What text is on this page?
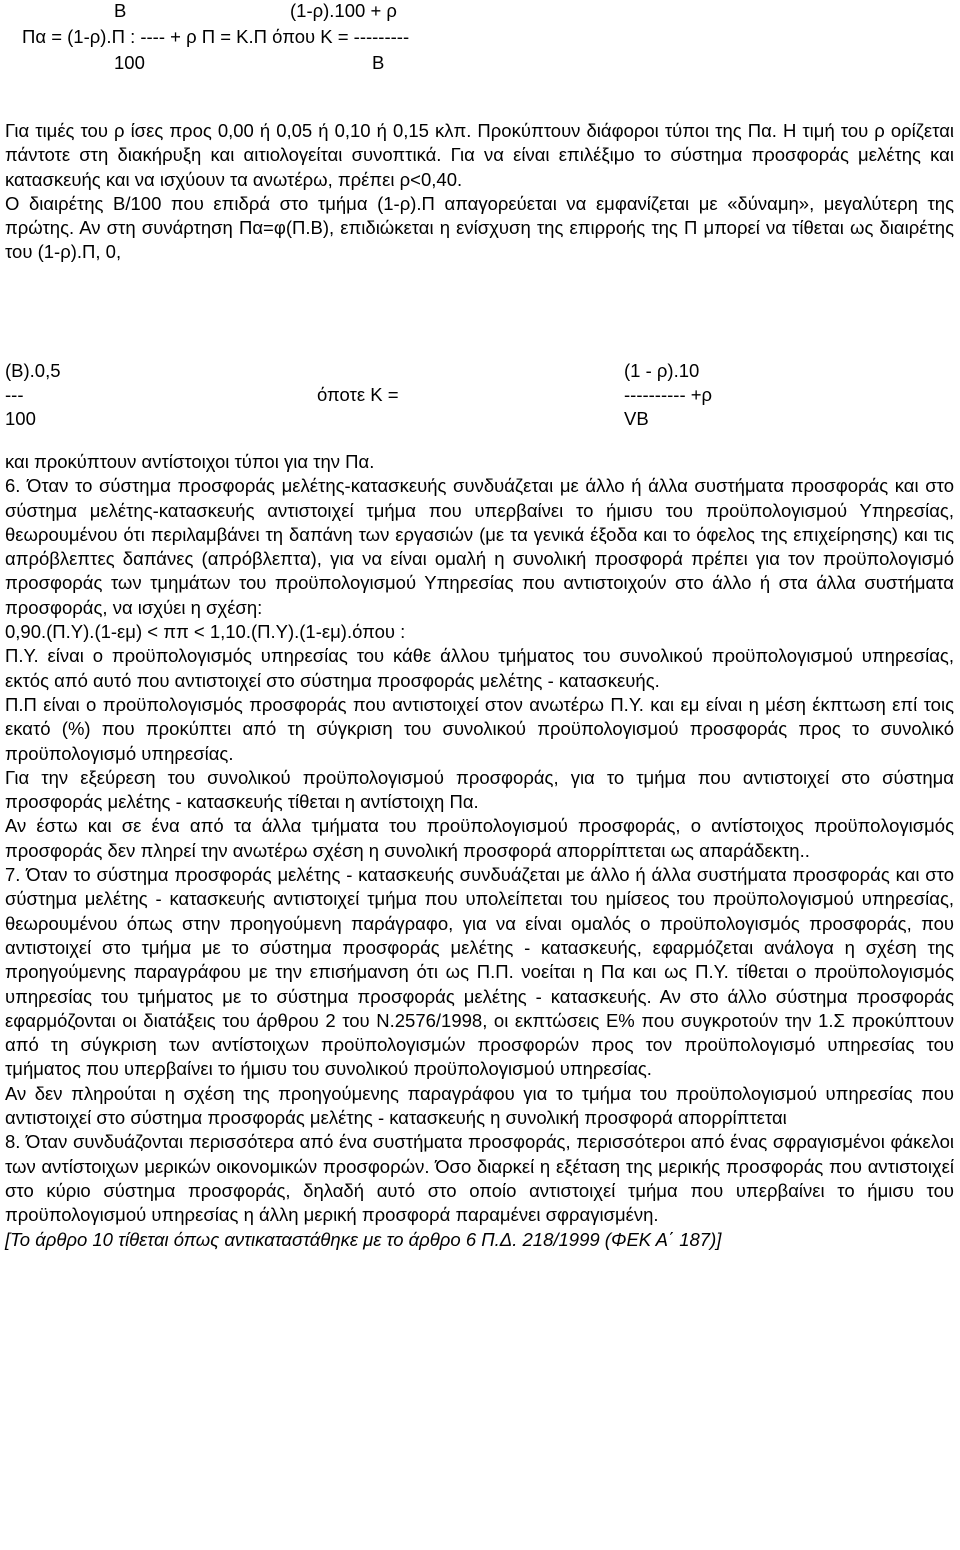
Β	(1-ρ).100 + ρ
Πα = (1-ρ).Π : ---- + ρ Π = Κ.Π όπου Κ = ---------
100	Β

Για τιμές του ρ ίσες προς 0,00 ή 0,05 ή 0,10 ή 0,15 κλπ. Προκύπτουν διάφοροι τύποι της Πα. Η τιμή του ρ ορίζεται πάντοτε στη διακήρυξη και αιτιολογείται συνοπτικά. Για να είναι επιλέξιμο το σύστημα προσφοράς μελέτης και κατασκευής και να ισχύουν τα ανωτέρω, πρέπει ρ<0,40.

Ο διαιρέτης Β/100 που επιδρά στο τμήμα (1-ρ).Π απαγορεύεται να εμφανίζεται με «δύναμη», μεγαλύτερη της πρώτης. Αν στη συνάρτηση Πα=φ(Π.Β), επιδιώκεται η ενίσχυση της επιρροής της Π μπορεί να τίθεται ως διαιρέτης του (1-ρ).Π, 0,

(Β).0,5	(1 - ρ).10
---	όποτε Κ =	---------- +ρ
100	VΒ

και προκύπτουν αντίστοιχοι τύποι για την Πα.

6. Όταν το σύστημα προσφοράς μελέτης-κατασκευής συνδυάζεται με άλλο ή άλλα συστήματα προσφοράς και στο σύστημα μελέτης-κατασκευής αντιστοιχεί τμήμα που υπερβαίνει το ήμισυ του προϋπολογισμού Υπηρεσίας, θεωρουμένου ότι περιλαμβάνει τη δαπάνη των εργασιών (με τα γενικά έξοδα και το όφελος της επιχείρησης) και τις απρόβλεπτες δαπάνες (απρόβλεπτα), για να είναι ομαλή η συνολική προσφορά πρέπει για τον προϋπολογισμό προσφοράς των τμημάτων του προϋπολογισμού Υπηρεσίας που αντιστοιχούν στο άλλο ή στα άλλα συστήματα προσφοράς, να ισχύει η σχέση:

0,90.(Π.Υ).(1-εμ) < ππ < 1,10.(Π.Υ).(1-εμ).όπου :

Π.Υ. είναι ο προϋπολογισμός υπηρεσίας του κάθε άλλου τμήματος του συνολικού προϋπολογισμού υπηρεσίας, εκτός από αυτό που αντιστοιχεί στο σύστημα προσφοράς μελέτης - κατασκευής.

Π.Π είναι ο προϋπολογισμός προσφοράς που αντιστοιχεί στον ανωτέρω Π.Υ. και εμ είναι η μέση έκπτωση επί τοις εκατό (%) που προκύπτει από τη σύγκριση του συνολικού προϋπολογισμού προσφοράς προς το συνολικό προϋπολογισμό υπηρεσίας.

Για την εξεύρεση του συνολικού προϋπολογισμού προσφοράς, για το τμήμα που αντιστοιχεί στο σύστημα προσφοράς μελέτης - κατασκευής τίθεται η αντίστοιχη Πα.

Αν έστω και σε ένα από τα άλλα τμήματα του προϋπολογισμού προσφοράς, ο αντίστοιχος προϋπολογισμός προσφοράς δεν πληρεί την ανωτέρω σχέση η συνολική προσφορά απορρίπτεται ως απαράδεκτη..

7. Όταν το σύστημα προσφοράς μελέτης - κατασκευής συνδυάζεται με άλλο ή άλλα συστήματα προσφοράς και στο σύστημα μελέτης - κατασκευής αντιστοιχεί τμήμα που υπολείπεται του ημίσεος του προϋπολογισμού υπηρεσίας, θεωρουμένου όπως στην προηγούμενη παράγραφο, για να είναι ομαλός ο προϋπολογισμός προσφοράς, που αντιστοιχεί στο τμήμα με το σύστημα προσφοράς μελέτης - κατασκευής, εφαρμόζεται ανάλογα η σχέση της προηγούμενης παραγράφου με την επισήμανση ότι ως Π.Π. νοείται η Πα και ως Π.Υ. τίθεται ο προϋπολογισμός υπηρεσίας του τμήματος με το σύστημα προσφοράς μελέτης - κατασκευής. Αν στο άλλο σύστημα προσφοράς εφαρμόζονται οι διατάξεις του άρθρου 2 του Ν.2576/1998, οι εκπτώσεις Ε% που συγκροτούν την 1.Σ προκύπτουν από τη σύγκριση των αντίστοιχων προϋπολογισμών προσφορών προς τον προϋπολογισμό υπηρεσίας του τμήματος που υπερβαίνει το ήμισυ του συνολικού προϋπολογισμού υπηρεσίας.

Αν δεν πληρούται η σχέση της προηγούμενης παραγράφου για το τμήμα του προϋπολογισμού υπηρεσίας που αντιστοιχεί στο σύστημα προσφοράς μελέτης - κατασκευής η συνολική προσφορά απορρίπτεται

8. Όταν συνδυάζονται περισσότερα από ένα συστήματα προσφοράς, περισσότεροι από ένας σφραγισμένοι φάκελοι των αντίστοιχων μερικών οικονομικών προσφορών. Όσο διαρκεί η εξέταση της μερικής προσφοράς που αντιστοιχεί στο κύριο σύστημα προσφοράς, δηλαδή αυτό στο οποίο αντιστοιχεί τμήμα που υπερβαίνει το ήμισυ του προϋπολογισμού υπηρεσίας η άλλη μερική προσφορά παραμένει σφραγισμένη.

[Το άρθρο 10 τίθεται όπως αντικαταστάθηκε με το άρθρο 6 Π.Δ. 218/1999 (ΦΕΚ Α΄ 187)]
